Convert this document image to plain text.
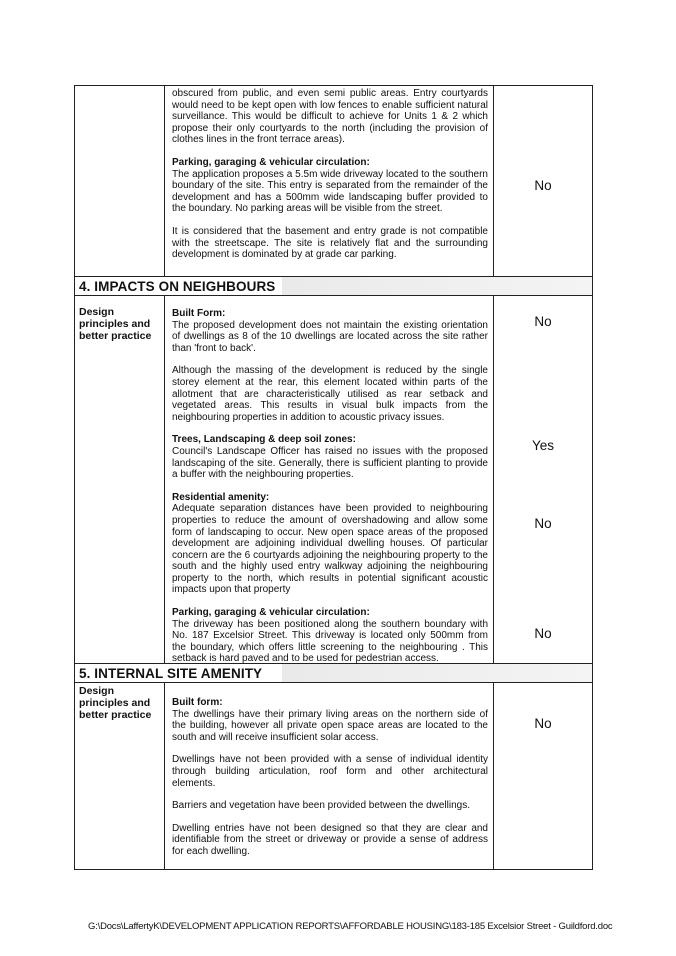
obscured from public, and even semi public areas. Entry courtyards would need to be kept open with low fences to enable sufficient natural surveillance. This would be difficult to achieve for Units 1 & 2 which propose their only courtyards to the north (including the provision of clothes lines in the front terrace areas).

Parking, garaging & vehicular circulation:
The application proposes a 5.5m wide driveway located to the southern boundary of the site. This entry is separated from the remainder of the development and has a 500mm wide landscaping buffer provided to the boundary. No parking areas will be visible from the street.

It is considered that the basement and entry grade is not compatible with the streetscape. The site is relatively flat and the surrounding development is dominated by at grade car parking.

No
4. IMPACTS ON NEIGHBOURS
Design principles and better practice

Built Form:
The proposed development does not maintain the existing orientation of dwellings as 8 of the 10 dwellings are located across the site rather than 'front to back'.

Although the massing of the development is reduced by the single storey element at the rear, this element located within parts of the allotment that are characteristically utilised as rear setback and vegetated areas. This results in visual bulk impacts from the neighbouring properties in addition to acoustic privacy issues.

Trees, Landscaping & deep soil zones:
Council's Landscape Officer has raised no issues with the proposed landscaping of the site. Generally, there is sufficient planting to provide a buffer with the neighbouring properties.

Residential amenity:
Adequate separation distances have been provided to neighbouring properties to reduce the amount of overshadowing and allow some form of landscaping to occur. New open space areas of the proposed development are adjoining individual dwelling houses. Of particular concern are the 6 courtyards adjoining the neighbouring property to the south and the highly used entry walkway adjoining the neighbouring property to the north, which results in potential significant acoustic impacts upon that property

Parking, garaging & vehicular circulation:
The driveway has been positioned along the southern boundary with No. 187 Excelsior Street. This driveway is located only 500mm from the boundary, which offers little screening to the neighbouring . This setback is hard paved and to be used for pedestrian access.

No
Yes
No
No
5. INTERNAL SITE AMENITY
Design principles and better practice

Built form:
The dwellings have their primary living areas on the northern side of the building, however all private open space areas are located to the south and will receive insufficient solar access.

Dwellings have not been provided with a sense of individual identity through building articulation, roof form and other architectural elements.

Barriers and vegetation have been provided between the dwellings.

Dwelling entries have not been designed so that they are clear and identifiable from the street or driveway or provide a sense of address for each dwelling.

No
G:\Docs\LaffertyK\DEVELOPMENT APPLICATION REPORTS\AFFORDABLE HOUSING\183-185 Excelsior Street - Guildford.doc
